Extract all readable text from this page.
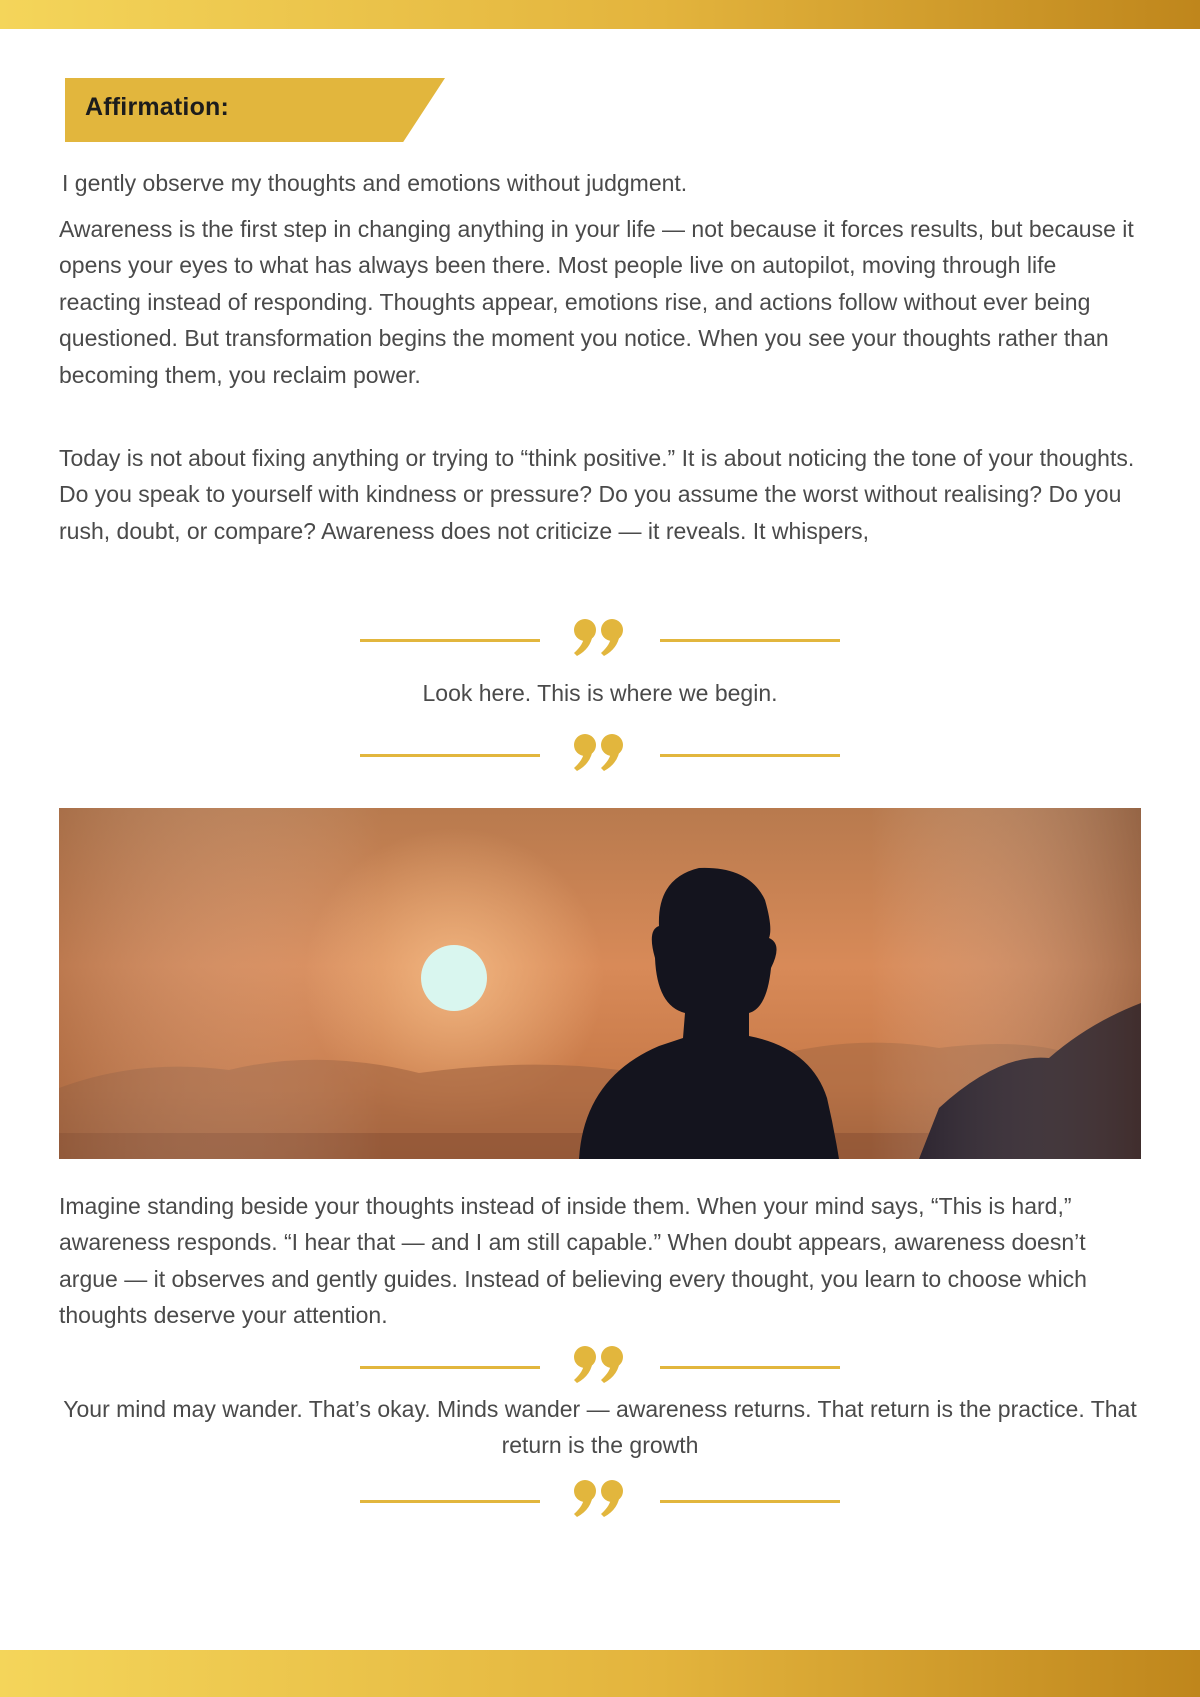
Affirmation:
I gently observe my thoughts and emotions without judgment.

Awareness is the first step in changing anything in your life — not because it forces results, but because it opens your eyes to what has always been there. Most people live on autopilot, moving through life reacting instead of responding. Thoughts appear, emotions rise, and actions follow without ever being questioned. But transformation begins the moment you notice. When you see your thoughts rather than becoming them, you reclaim power.

Today is not about fixing anything or trying to “think positive.” It is about noticing the tone of your thoughts. Do you speak to yourself with kindness or pressure? Do you assume the worst without realising? Do you rush, doubt, or compare? Awareness does not criticize — it reveals. It whispers,

Look here. This is where we begin.

Imagine standing beside your thoughts instead of inside them. When your mind says, “This is hard,” awareness responds. “I hear that — and I am still capable.” When doubt appears, awareness doesn’t argue — it observes and gently guides. Instead of believing every thought, you learn to choose which thoughts deserve your attention.

Your mind may wander. That’s okay. Minds wander — awareness returns. That return is the practice. That return is the growth
